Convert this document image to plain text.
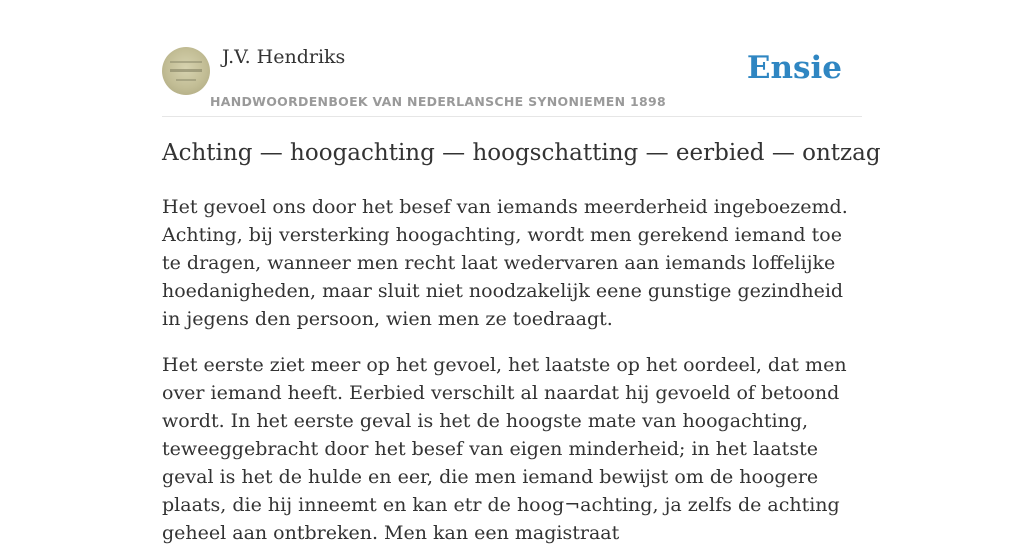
J.V. Hendriks
HANDWOORDENBOEK VAN NEDERLANSCHE SYNONIEMEN 1898
Ensie
Achting — hoogachting — hoogschatting — eerbied — ontzag

Het gevoel ons door het besef van iemands meerderheid ingeboezemd. Achting, bij versterking hoogachting, wordt men gerekend iemand toe te dragen, wanneer men recht laat wedervaren aan iemands loffelijke hoedanigheden, maar sluit niet noodzakelijk eene gunstige gezindheid in jegens den persoon, wien men ze toedraagt.

Het eerste ziet meer op het gevoel, het laatste op het oordeel, dat men over iemand heeft. Eerbied verschilt al naardat hij gevoeld of betoond wordt. In het eerste geval is het de hoogste mate van hoogachting, teweeggebracht door het besef van eigen minderheid; in het laatste geval is het de hulde en eer, die men iemand bewijst om de hoogere plaats, die hij inneemt en kan etr de hoog¬achting, ja zelfs de achting geheel aan ontbreken. Men kan een magistraat
